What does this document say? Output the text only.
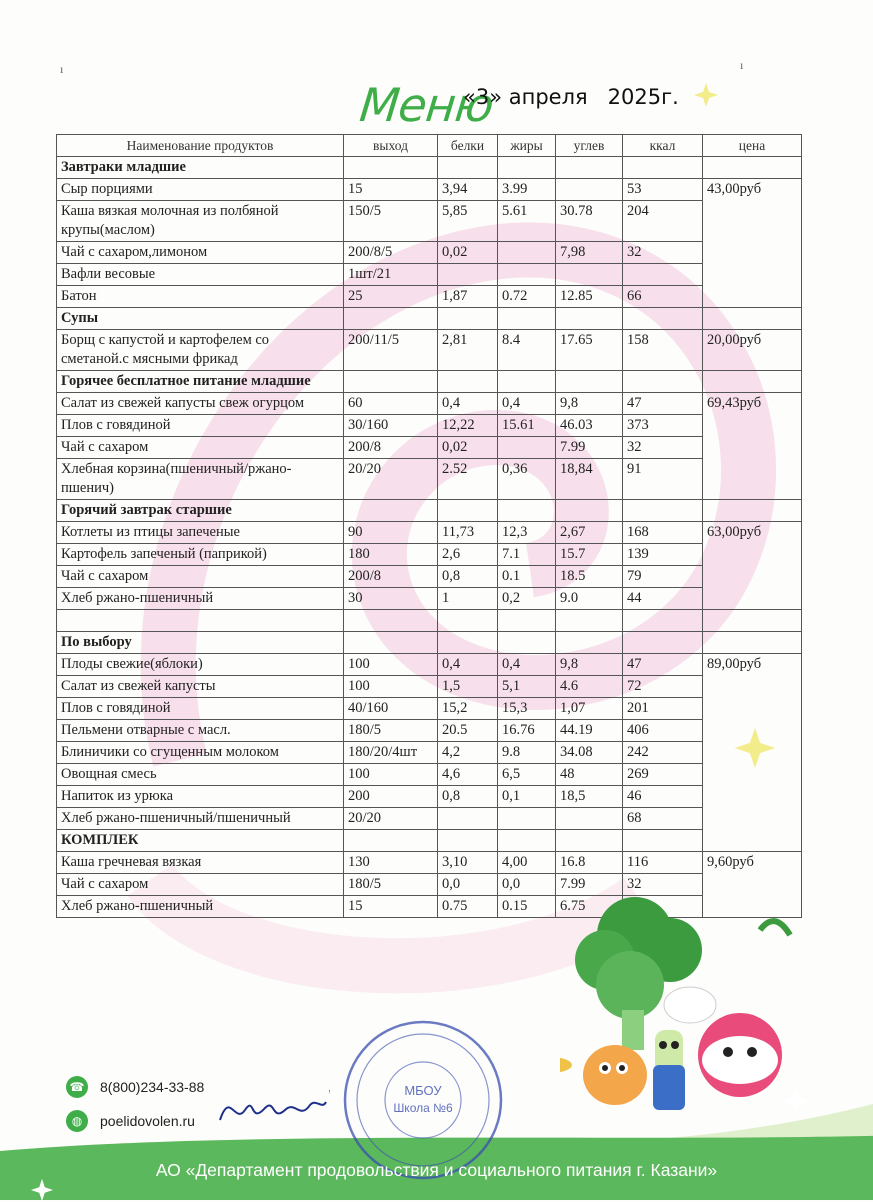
ı	ı
Меню
«3» апреля   2025г.
Наименование продуктов	выход	белки	жиры	углев	ккал	цена
Завтраки младшие						
Сыр порциями	15	3,94	3.99		53	43,00руб
Каша вязкая молочная из полбяной крупы(маслом)	150/5	5,85	5.61	30.78	204	
Чай с сахаром,лимоном	200/8/5	0,02		7,98	32	
Вафли весовые	1шт/21					
Батон	25	1,87	0.72	12.85	66	
Супы						
Борщ с капустой и картофелем со сметаной.с мясными фрикад	200/11/5	2,81	8.4	17.65	158	20,00руб
Горячее бесплатное питание младшие						
Салат из свежей капусты свеж огурцом	60	0,4	0,4	9,8	47	69,43руб
Плов с говядиной	30/160	12,22	15.61	46.03	373	
Чай с сахаром	200/8	0,02		7.99	32	
Хлебная корзина(пшеничный/ржано-пшенич)	20/20	2.52	0,36	18,84	91	
Горячий завтрак старшие						
Котлеты из птицы запеченые	90	11,73	12,3	2,67	168	63,00руб
Картофель запеченый (паприкой)	180	2,6	7.1	15.7	139	
Чай с сахаром	200/8	0,8	0.1	18.5	79	
Хлеб ржано-пшеничный	30	1	0,2	9.0	44	

По выбору						
Плоды свежие(яблоки)	100	0,4	0,4	9,8	47	89,00руб
Салат из свежей капусты	100	1,5	5,1	4.6	72	
Плов с говядиной	40/160	15,2	15,3	1,07	201	
Пельмени отварные с масл.	180/5	20.5	16.76	44.19	406	
Блиничики со сгущенным молоком	180/20/4шт	4,2	9.8	34.08	242	
Овощная смесь	100	4,6	6,5	48	269	
Напиток из урюка	200	0,8	0,1	18,5	46	
Хлеб ржано-пшеничный/пшеничный	20/20				68	
КОМПЛЕК						
Каша гречневая вязкая	130	3,10	4,00	16.8	116	9,60руб
Чай с сахаром	180/5	0,0	0,0	7.99	32	
Хлеб ржано-пшеничный	15	0.75	0.15	6.75	
☎ 8(800)234-33-88
◍	poelidovolen.ru
МБОУ
Школа №6
АО «Департамент продовольствия и социального питания г. Казани»
